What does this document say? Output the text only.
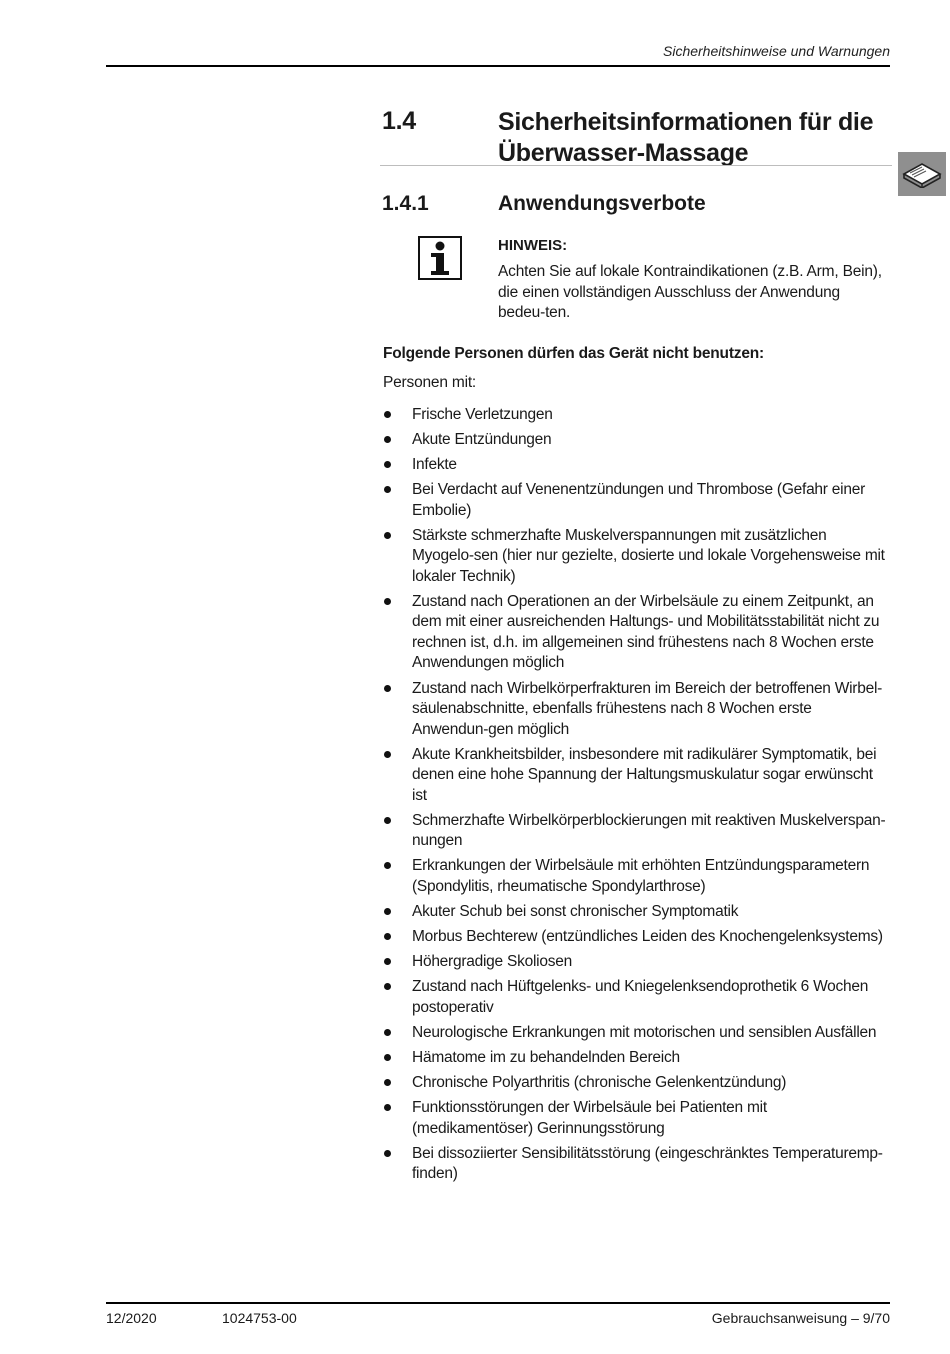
Sicherheitshinweise und Warnungen
1.4	Sicherheitsinformationen für die Überwasser-Massage
1.4.1	Anwendungsverbote
HINWEIS:
Achten Sie auf lokale Kontraindikationen (z.B. Arm, Bein), die einen vollständigen Ausschluss der Anwendung bedeu-ten.
Folgende Personen dürfen das Gerät nicht benutzen:
Personen mit:
Frische Verletzungen
Akute Entzündungen
Infekte
Bei Verdacht auf Venenentzündungen und Thrombose (Gefahr einer Embolie)
Stärkste schmerzhafte Muskelverspannungen mit zusätzlichen Myogelo-sen (hier nur gezielte, dosierte und lokale Vorgehensweise mit lokaler Technik)
Zustand nach Operationen an der Wirbelsäule zu einem Zeitpunkt, an dem mit einer ausreichenden Haltungs- und Mobilitätsstabilität nicht zu rechnen ist, d.h. im allgemeinen sind frühestens nach 8 Wochen erste Anwendungen möglich
Zustand nach Wirbelkörperfrakturen im Bereich der betroffenen Wirbel-säulenabschnitte, ebenfalls frühestens nach 8 Wochen erste Anwendun-gen möglich
Akute Krankheitsbilder, insbesondere mit radikulärer Symptomatik, bei denen eine hohe Spannung der Haltungsmuskulatur sogar erwünscht ist
Schmerzhafte Wirbelkörperblockierungen mit reaktiven Muskelverspan-nungen
Erkrankungen der Wirbelsäule mit erhöhten Entzündungsparametern (Spondylitis, rheumatische Spondylarthrose)
Akuter Schub bei sonst chronischer Symptomatik
Morbus Bechterew (entzündliches Leiden des Knochengelenksystems)
Höhergradige Skoliosen
Zustand nach Hüftgelenks- und Kniegelenksendoprothetik 6 Wochen postoperativ
Neurologische Erkrankungen mit motorischen und sensiblen Ausfällen
Hämatome im zu behandelnden Bereich
Chronische Polyarthritis (chronische Gelenkentzündung)
Funktionsstörungen der Wirbelsäule bei Patienten mit (medikamentöser) Gerinnungsstörung
Bei dissoziierter Sensibilitätsstörung (eingeschränktes Temperaturemp-finden)
12/2020	1024753-00	Gebrauchsanweisung – 9/70
